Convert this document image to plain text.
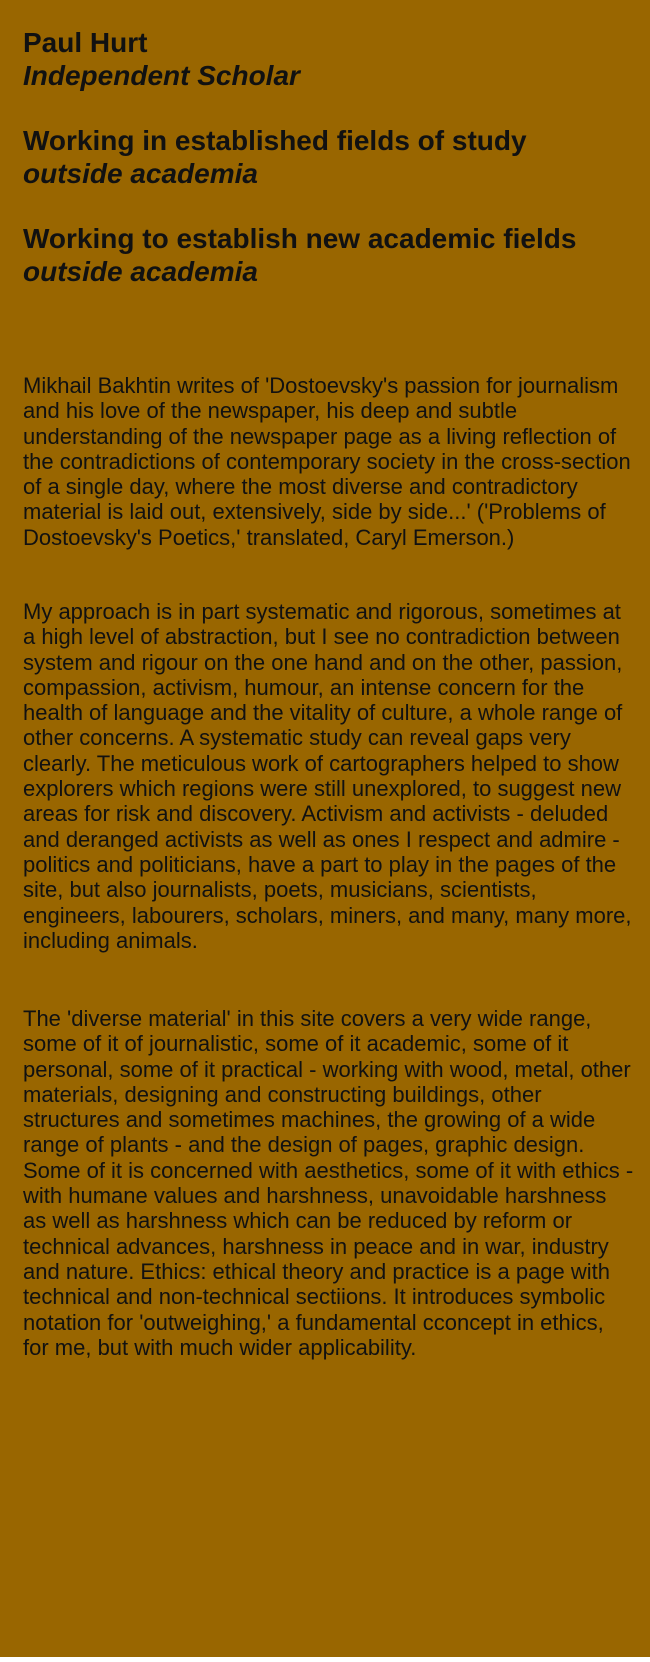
Paul Hurt

Independent Scholar

Working in established fields of study

outside academia

Working to establish new academic fields

outside academia

Mikhail Bakhtin writes of 'Dostoevsky's passion for journalism and his love of the newspaper, his deep and subtle understanding of the newspaper page as a living reflection of the contradictions of contemporary society in the cross-section of a single day, where the most diverse and contradictory material is laid out, extensively, side by side...' ('Problems of Dostoevsky's Poetics,' translated, Caryl Emerson.)

My approach is in part systematic and rigorous, sometimes at a high level of abstraction, but I see no contradiction between system and rigour on the one hand and on the other, passion, compassion, activism, humour, an intense concern for the health of language and the vitality of culture, a whole range of other concerns. A systematic study can reveal gaps very clearly. The meticulous work of cartographers helped to show explorers which regions were still unexplored, to suggest new areas for risk and discovery. Activism and activists - deluded and deranged activists as well as ones I respect and admire - politics and politicians, have a part to play in the pages of the site, but also journalists, poets, musicians, scientists, engineers, labourers, scholars, miners, and many, many more, including animals.

The 'diverse material' in this site covers a very wide range, some of it of journalistic, some of it academic, some of it personal, some of it practical - working with wood, metal, other materials, designing and constructing buildings, other structures and sometimes machines, the growing of a wide range of plants - and the design of pages, graphic design. Some of it is concerned with aesthetics, some of it with ethics - with humane values and harshness, unavoidable harshness as well as harshness which can be reduced by reform or technical advances, harshness in peace and in war, industry and nature. Ethics: ethical theory and practice is a page with technical and non-technical sectiions. It introduces symbolic notation for 'outweighing,' a fundamental cconcept in ethics, for me, but with much wider applicability.
